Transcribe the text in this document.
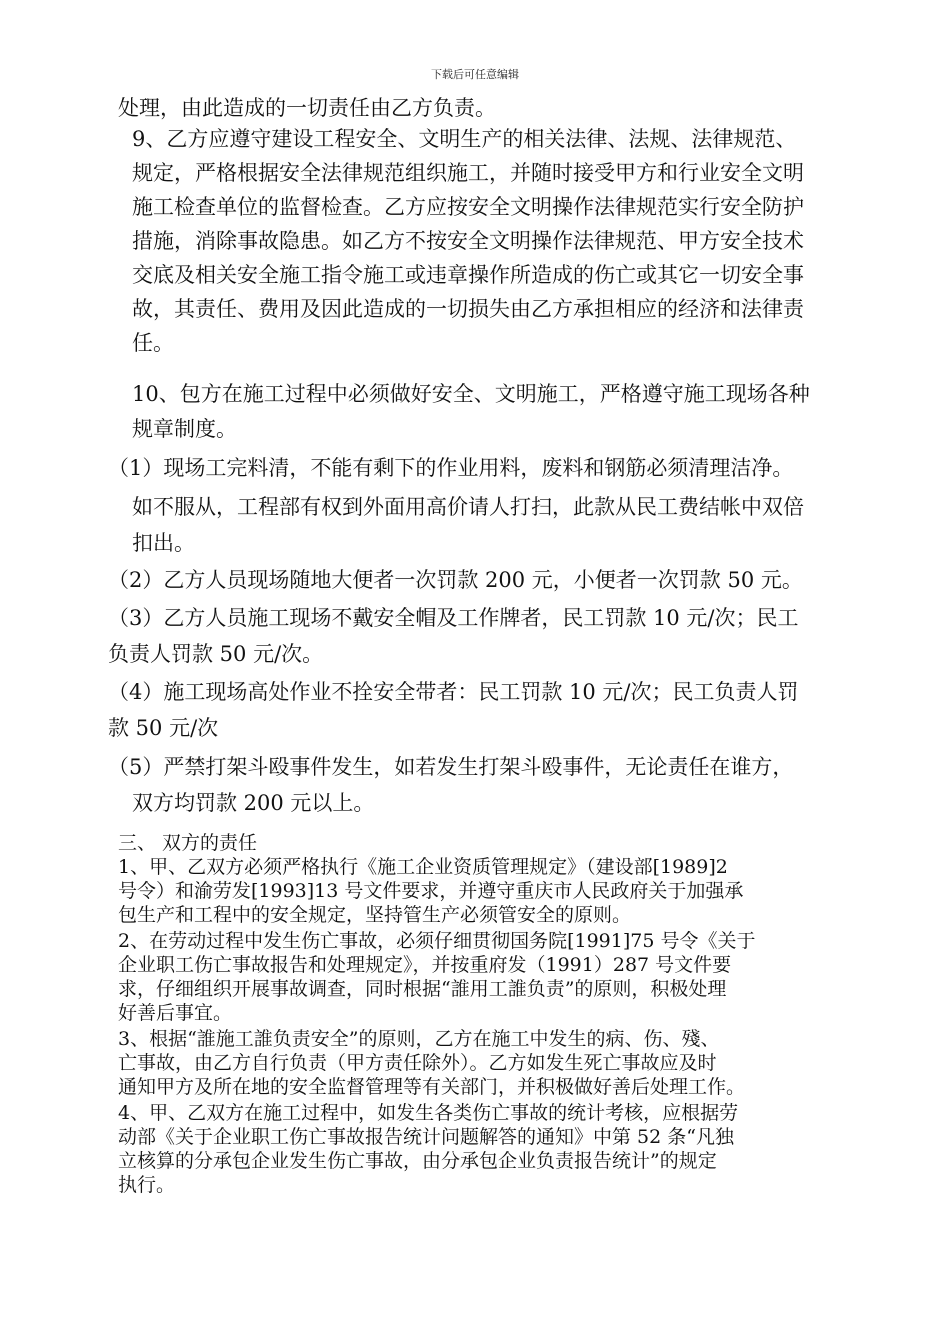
下载后可任意编辑

处理，由此造成的一切责任由乙方负责。

9、乙方应遵守建设工程安全、文明生产的相关法律、法规、法律规范、

规定，严格根据安全法律规范组织施工，并随时接受甲方和行业安全文明

施工检查单位的监督检查。乙方应按安全文明操作法律规范实行安全防护

措施，消除事故隐患。如乙方不按安全文明操作法律规范、甲方安全技术

交底及相关安全施工指令施工或违章操作所造成的伤亡或其它一切安全事

故，其责任、费用及因此造成的一切损失由乙方承担相应的经济和法律责

任。

10、包方在施工过程中必须做好安全、文明施工，严格遵守施工现场各种

规章制度。

（1）现场工完料清，不能有剩下的作业用料，废料和钢筋必须清理洁净。

如不服从，工程部有权到外面用高价请人打扫，此款从民工费结帐中双倍

扣出。

（2）乙方人员现场随地大便者一次罚款 200 元，小便者一次罚款 50 元。

（3）乙方人员施工现场不戴安全帽及工作牌者，民工罚款 10 元/次；民工

负责人罚款 50 元/次。

（4）施工现场高处作业不拴安全带者：民工罚款 10 元/次；民工负责人罚

款 50 元/次

（5）严禁打架斗殴事件发生，如若发生打架斗殴事件，无论责任在谁方，

双方均罚款 200 元以上。

三、 双方的责任

1、甲、乙双方必须严格执行《施工企业资质管理规定》（建设部[1989]2

号令）和渝劳发[1993]13 号文件要求，并遵守重庆市人民政府关于加强承

包生产和工程中的安全规定，坚持管生产必须管安全的原则。

2、在劳动过程中发生伤亡事故，必须仔细贯彻国务院[1991]75 号令《关于

企业职工伤亡事故报告和处理规定》，并按重府发（1991）287 号文件要

求，仔细组织开展事故调查，同时根据“誰用工誰负责”的原则，积极处理

好善后事宜。

3、根据“誰施工誰负责安全”的原则，乙方在施工中发生的病、伤、殘、

亡事故，由乙方自行负责（甲方责任除外）。乙方如发生死亡事故应及时

通知甲方及所在地的安全监督管理等有关部门，并积极做好善后处理工作。

4、甲、乙双方在施工过程中，如发生各类伤亡事故的统计考核，应根据劳

动部《关于企业职工伤亡事故报告统计问题解答的通知》中第 52 条“凡独

立核算的分承包企业发生伤亡事故，由分承包企业负责报告统计”的规定

执行。
